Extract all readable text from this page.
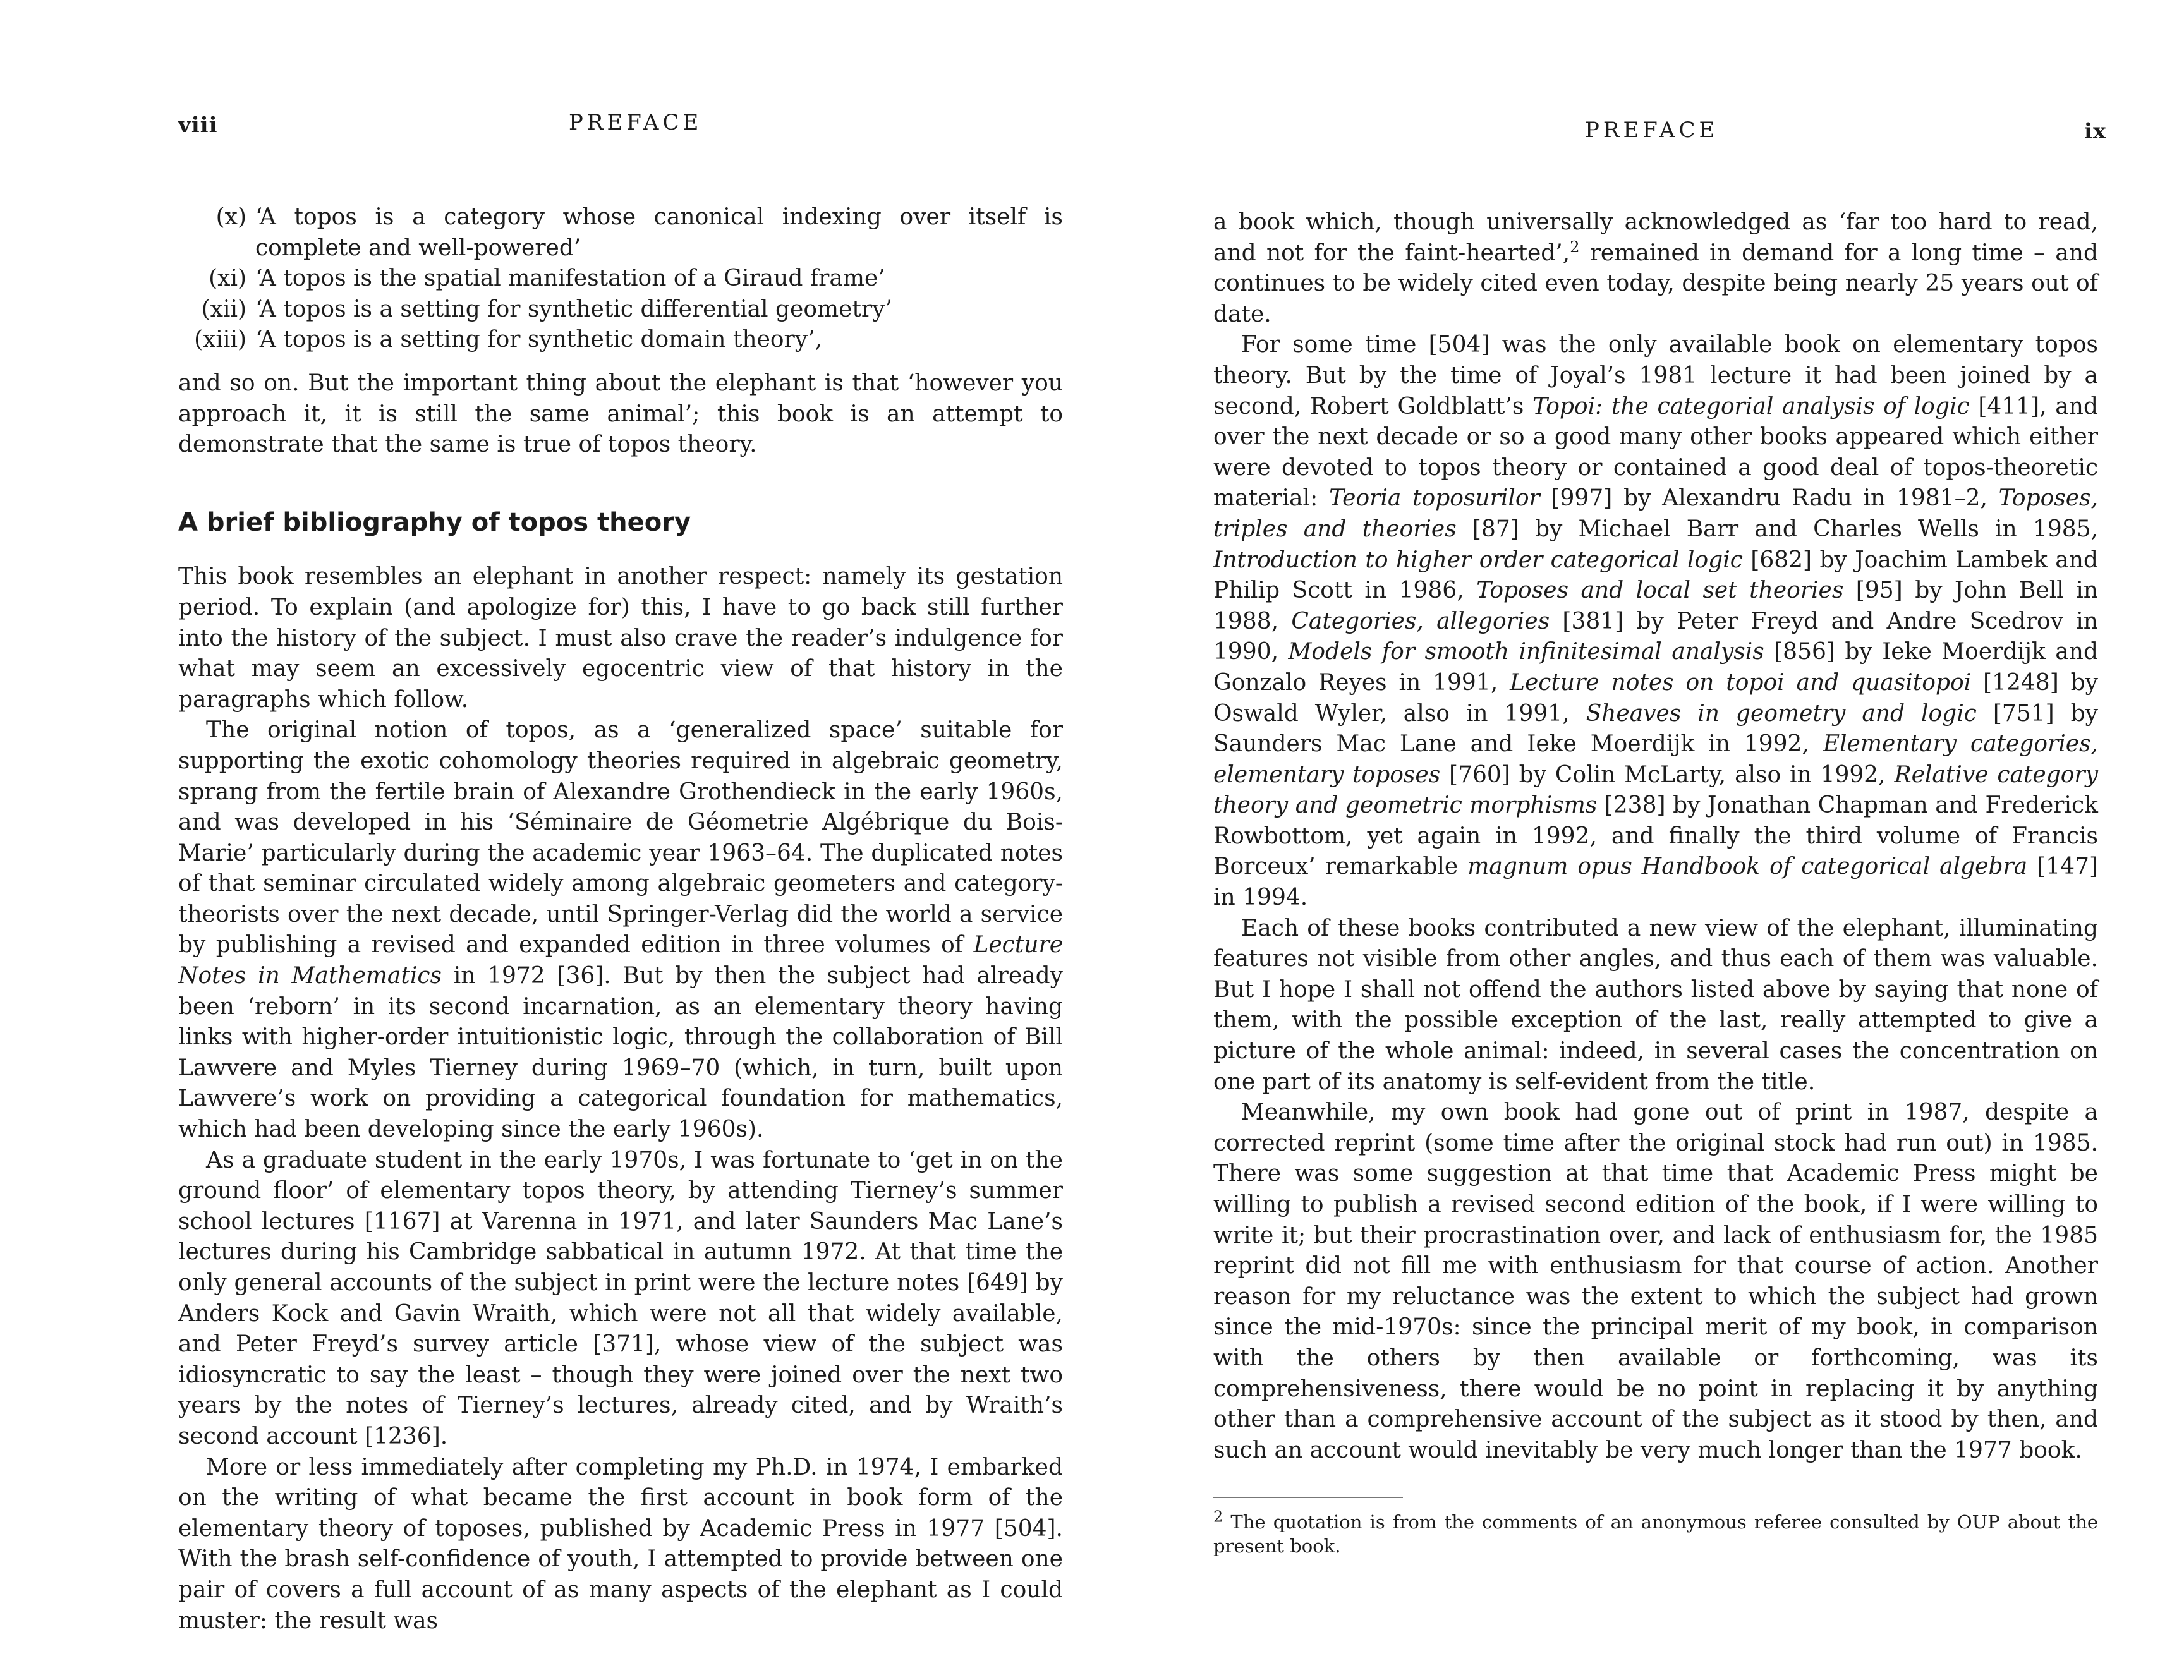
viii	PREFACE
(x) ‘A topos is a category whose canonical indexing over itself is complete and well-powered’
(xi) ‘A topos is the spatial manifestation of a Giraud frame’
(xii) ‘A topos is a setting for synthetic differential geometry’
(xiii) ‘A topos is a setting for synthetic domain theory’,

and so on. But the important thing about the elephant is that ‘however you approach it, it is still the same animal’; this book is an attempt to demonstrate that the same is true of topos theory.

A brief bibliography of topos theory

This book resembles an elephant in another respect: namely its gestation period. To explain (and apologize for) this, I have to go back still further into the history of the subject. I must also crave the reader’s indulgence for what may seem an excessively egocentric view of that history in the paragraphs which follow.

The original notion of topos, as a ‘generalized space’ suitable for supporting the exotic cohomology theories required in algebraic geometry, sprang from the fertile brain of Alexandre Grothendieck in the early 1960s, and was developed in his ‘Séminaire de Géometrie Algébrique du Bois-Marie’ particularly during the academic year 1963–64. The duplicated notes of that seminar circulated widely among algebraic geometers and category-theorists over the next decade, until Springer-Verlag did the world a service by publishing a revised and expanded edition in three volumes of Lecture Notes in Mathematics in 1972 [36]. But by then the subject had already been ‘reborn’ in its second incarnation, as an elementary theory having links with higher-order intuitionistic logic, through the collaboration of Bill Lawvere and Myles Tierney during 1969–70 (which, in turn, built upon Lawvere’s work on providing a categorical foundation for mathematics, which had been developing since the early 1960s).

As a graduate student in the early 1970s, I was fortunate to ‘get in on the ground floor’ of elementary topos theory, by attending Tierney’s summer school lectures [1167] at Varenna in 1971, and later Saunders Mac Lane’s lectures during his Cambridge sabbatical in autumn 1972. At that time the only general accounts of the subject in print were the lecture notes [649] by Anders Kock and Gavin Wraith, which were not all that widely available, and Peter Freyd’s survey article [371], whose view of the subject was idiosyncratic to say the least – though they were joined over the next two years by the notes of Tierney’s lectures, already cited, and by Wraith’s second account [1236].

More or less immediately after completing my Ph.D. in 1974, I embarked on the writing of what became the first account in book form of the elementary theory of toposes, published by Academic Press in 1977 [504]. With the brash self-confidence of youth, I attempted to provide between one pair of covers a full account of as many aspects of the elephant as I could muster: the result was

PREFACE	ix

a book which, though universally acknowledged as ‘far too hard to read, and not for the faint-hearted’,$^2$ remained in demand for a long time – and continues to be widely cited even today, despite being nearly 25 years out of date.

For some time [504] was the only available book on elementary topos theory. But by the time of Joyal’s 1981 lecture it had been joined by a second, Robert Goldblatt’s Topoi: the categorial analysis of logic [411], and over the next decade or so a good many other books appeared which either were devoted to topos theory or contained a good deal of topos-theoretic material: Teoria toposurilor [997] by Alexandru Radu in 1981–2, Toposes, triples and theories [87] by Michael Barr and Charles Wells in 1985, Introduction to higher order categorical logic [682] by Joachim Lambek and Philip Scott in 1986, Toposes and local set theories [95] by John Bell in 1988, Categories, allegories [381] by Peter Freyd and Andre Scedrov in 1990, Models for smooth infinitesimal analysis [856] by Ieke Moerdijk and Gonzalo Reyes in 1991, Lecture notes on topoi and quasitopoi [1248] by Oswald Wyler, also in 1991, Sheaves in geometry and logic [751] by Saunders Mac Lane and Ieke Moerdijk in 1992, Elementary categories, elementary toposes [760] by Colin McLarty, also in 1992, Relative category theory and geometric morphisms [238] by Jonathan Chapman and Frederick Rowbottom, yet again in 1992, and finally the third volume of Francis Borceux’ remarkable magnum opus Handbook of categorical algebra [147] in 1994.

Each of these books contributed a new view of the elephant, illuminating features not visible from other angles, and thus each of them was valuable. But I hope I shall not offend the authors listed above by saying that none of them, with the possible exception of the last, really attempted to give a picture of the whole animal: indeed, in several cases the concentration on one part of its anatomy is self-evident from the title.

Meanwhile, my own book had gone out of print in 1987, despite a corrected reprint (some time after the original stock had run out) in 1985. There was some suggestion at that time that Academic Press might be willing to publish a revised second edition of the book, if I were willing to write it; but their procrastination over, and lack of enthusiasm for, the 1985 reprint did not fill me with enthusiasm for that course of action. Another reason for my reluctance was the extent to which the subject had grown since the mid-1970s: since the principal merit of my book, in comparison with the others by then available or forthcoming, was its comprehensiveness, there would be no point in replacing it by anything other than a comprehensive account of the subject as it stood by then, and such an account would inevitably be very much longer than the 1977 book.

$^2$ The quotation is from the comments of an anonymous referee consulted by OUP about the present book.
